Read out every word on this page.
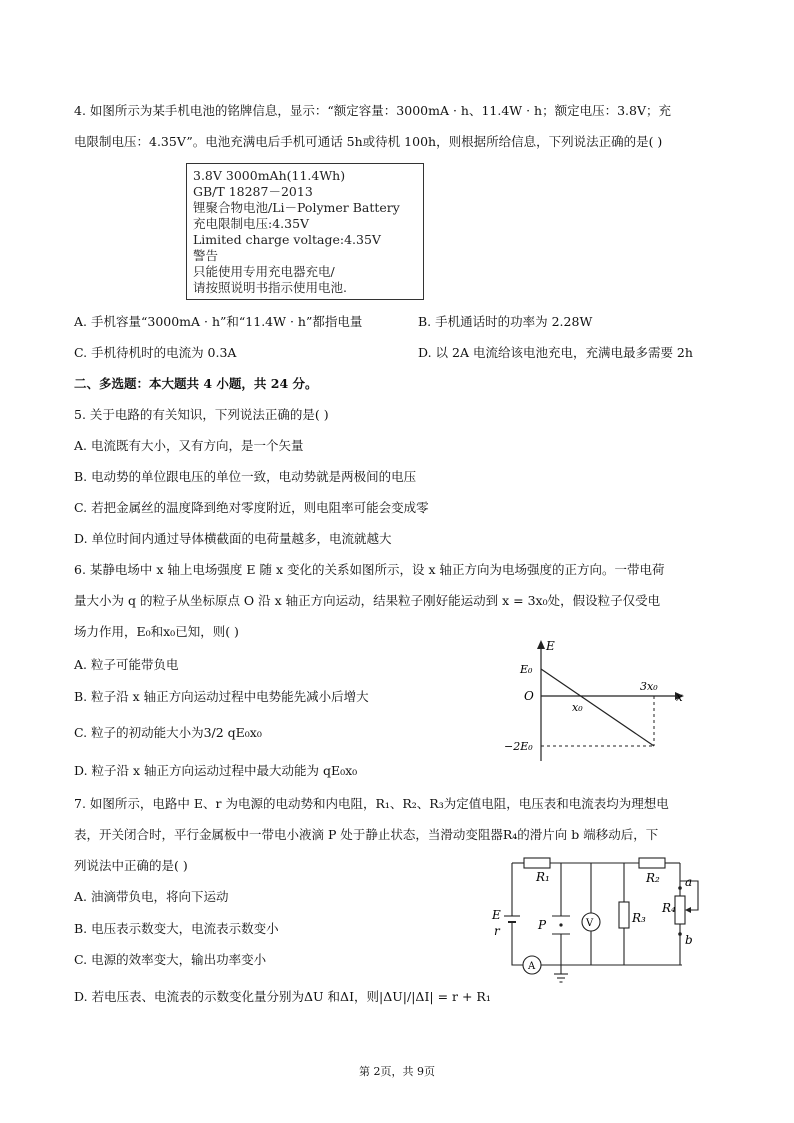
4. 如图所示为某手机电池的铭牌信息，显示：“额定容量：3000mA · h、11.4W · h；额定电压：3.8V；充
电限制电压：4.35V”。电池充满电后手机可通话 5h或待机 100h，则根据所给信息，下列说法正确的是( )
3.8V 3000mAh(11.4Wh)
GB/T 18287－2013
锂聚合物电池/Li－Polymer Battery
充电限制电压:4.35V
Limited charge voltage:4.35V
警告
只能使用专用充电器充电/
请按照说明书指示使用电池.
A. 手机容量“3000mA · h”和“11.4W · h”都指电量	B. 手机通话时的功率为 2.28W
C. 手机待机时的电流为 0.3A	D. 以 2A 电流给该电池充电，充满电最多需要 2h
二、多选题：本大题共 4 小题，共 24 分。
5. 关于电路的有关知识，下列说法正确的是( )
A. 电流既有大小，又有方向，是一个矢量
B. 电动势的单位跟电压的单位一致，电动势就是两极间的电压
C. 若把金属丝的温度降到绝对零度附近，则电阻率可能会变成零
D. 单位时间内通过导体横截面的电荷量越多，电流就越大
6. 某静电场中 x 轴上电场强度 E 随 x 变化的关系如图所示，设 x 轴正方向为电场强度的正方向。一带电荷
量大小为 q 的粒子从坐标原点 O 沿 x 轴正方向运动，结果粒子刚好能运动到 x = 3x₀处，假设粒子仅受电
场力作用，E₀和x₀已知，则( )
A. 粒子可能带负电
B. 粒子沿 x 轴正方向运动过程中电势能先减小后增大
C. 粒子的初动能大小为3/2 qE₀x₀
D. 粒子沿 x 轴正方向运动过程中最大动能为 qE₀x₀
E
E₀
O	x
x₀
3x₀
−2E₀
7. 如图所示，电路中 E、r 为电源的电动势和内电阻，R₁、R₂、R₃为定值电阻，电压表和电流表均为理想电
表，开关闭合时，平行金属板中一带电小液滴 P 处于静止状态，当滑动变阻器R₄的滑片向 b 端移动后，下
列说法中正确的是( )
A. 油滴带负电，将向下运动
B. 电压表示数变大，电流表示数变小
C. 电源的效率变大，输出功率变小
D. 若电压表、电流表的示数变化量分别为ΔU 和ΔI，则|ΔU|/|ΔI| = r + R₁
R₁	R₂
R₃
R₄
E
r	P	V
A
a
b
第 2页，共 9页
